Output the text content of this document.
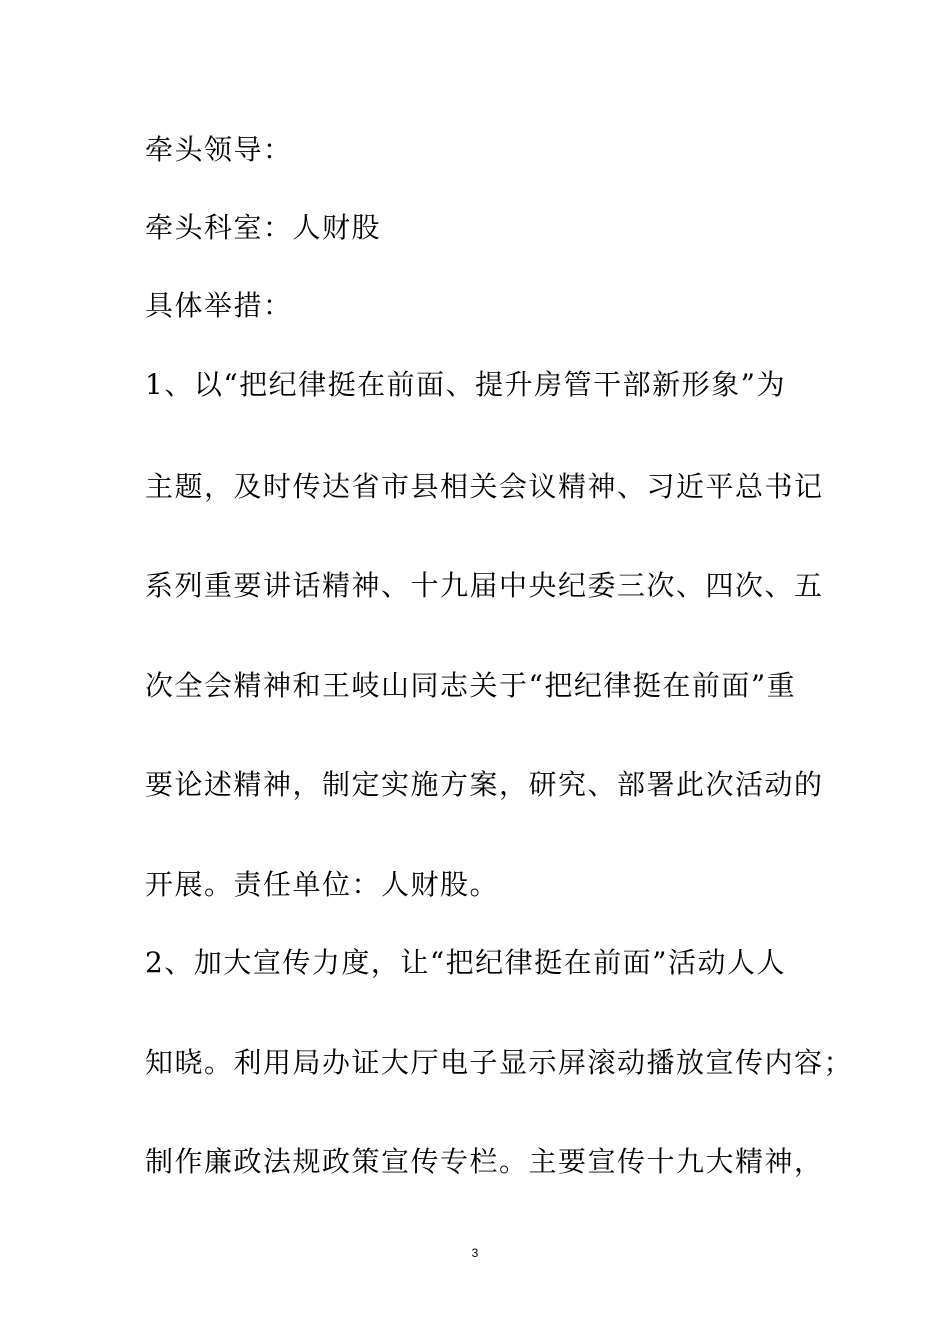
牵头领导：
牵头科室：人财股
具体举措：
1、以“把纪律挺在前面、提升房管干部新形象”为
主题，及时传达省市县相关会议精神、习近平总书记
系列重要讲话精神、十九届中央纪委三次、四次、五
次全会精神和王岐山同志关于“把纪律挺在前面”重
要论述精神，制定实施方案，研究、部署此次活动的
开展。责任单位：人财股。
2、加大宣传力度，让“把纪律挺在前面”活动人人
知晓。利用局办证大厅电子显示屏滚动播放宣传内容；
制作廉政法规政策宣传专栏。主要宣传十九大精神，
3
